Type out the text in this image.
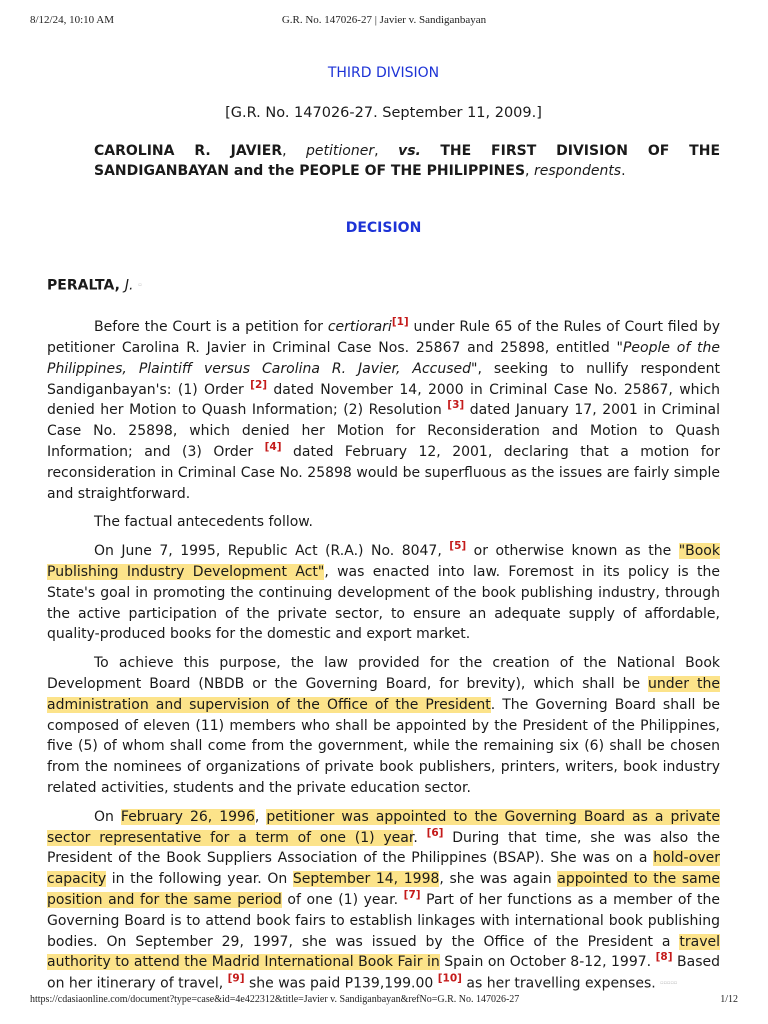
8/12/24, 10:10 AM	G.R. No. 147026-27 | Javier v. Sandiganbayan
THIRD DIVISION
[G.R. No. 147026-27. September 11, 2009.]

CAROLINA R. JAVIER, petitioner, vs. THE FIRST DIVISION OF THE SANDIGANBAYAN and the PEOPLE OF THE PHILIPPINES, respondents.

DECISION
PERALTA, J. ▫

Before the Court is a petition for certiorari[1] under Rule 65 of the Rules of Court filed by petitioner Carolina R. Javier in Criminal Case Nos. 25867 and 25898, entitled "People of the Philippines, Plaintiff versus Carolina R. Javier, Accused", seeking to nullify respondent Sandiganbayan's: (1) Order [2] dated November 14, 2000 in Criminal Case No. 25867, which denied her Motion to Quash Information; (2) Resolution [3] dated January 17, 2001 in Criminal Case No. 25898, which denied her Motion for Reconsideration and Motion to Quash Information; and (3) Order [4] dated February 12, 2001, declaring that a motion for reconsideration in Criminal Case No. 25898 would be superfluous as the issues are fairly simple and straightforward.

The factual antecedents follow.

On June 7, 1995, Republic Act (R.A.) No. 8047, [5] or otherwise known as the "Book Publishing Industry Development Act", was enacted into law. Foremost in its policy is the State's goal in promoting the continuing development of the book publishing industry, through the active participation of the private sector, to ensure an adequate supply of affordable, quality-produced books for the domestic and export market.

To achieve this purpose, the law provided for the creation of the National Book Development Board (NBDB or the Governing Board, for brevity), which shall be under the administration and supervision of the Office of the President. The Governing Board shall be composed of eleven (11) members who shall be appointed by the President of the Philippines, five (5) of whom shall come from the government, while the remaining six (6) shall be chosen from the nominees of organizations of private book publishers, printers, writers, book industry related activities, students and the private education sector.

On February 26, 1996, petitioner was appointed to the Governing Board as a private sector representative for a term of one (1) year. [6] During that time, she was also the President of the Book Suppliers Association of the Philippines (BSAP). She was on a hold-over capacity in the following year. On September 14, 1998, she was again appointed to the same position and for the same period of one (1) year. [7] Part of her functions as a member of the Governing Board is to attend book fairs to establish linkages with international book publishing bodies. On September 29, 1997, she was issued by the Office of the President a travel authority to attend the Madrid International Book Fair in Spain on October 8-12, 1997. [8] Based on her itinerary of travel, [9] she was paid P139,199.00 [10] as her travelling expenses. ▫▫▫▫▫

https://cdasiaonline.com/document?type=case&id=4e422312&title=Javier v. Sandiganbayan&refNo=G.R. No. 147026-27	1/12
